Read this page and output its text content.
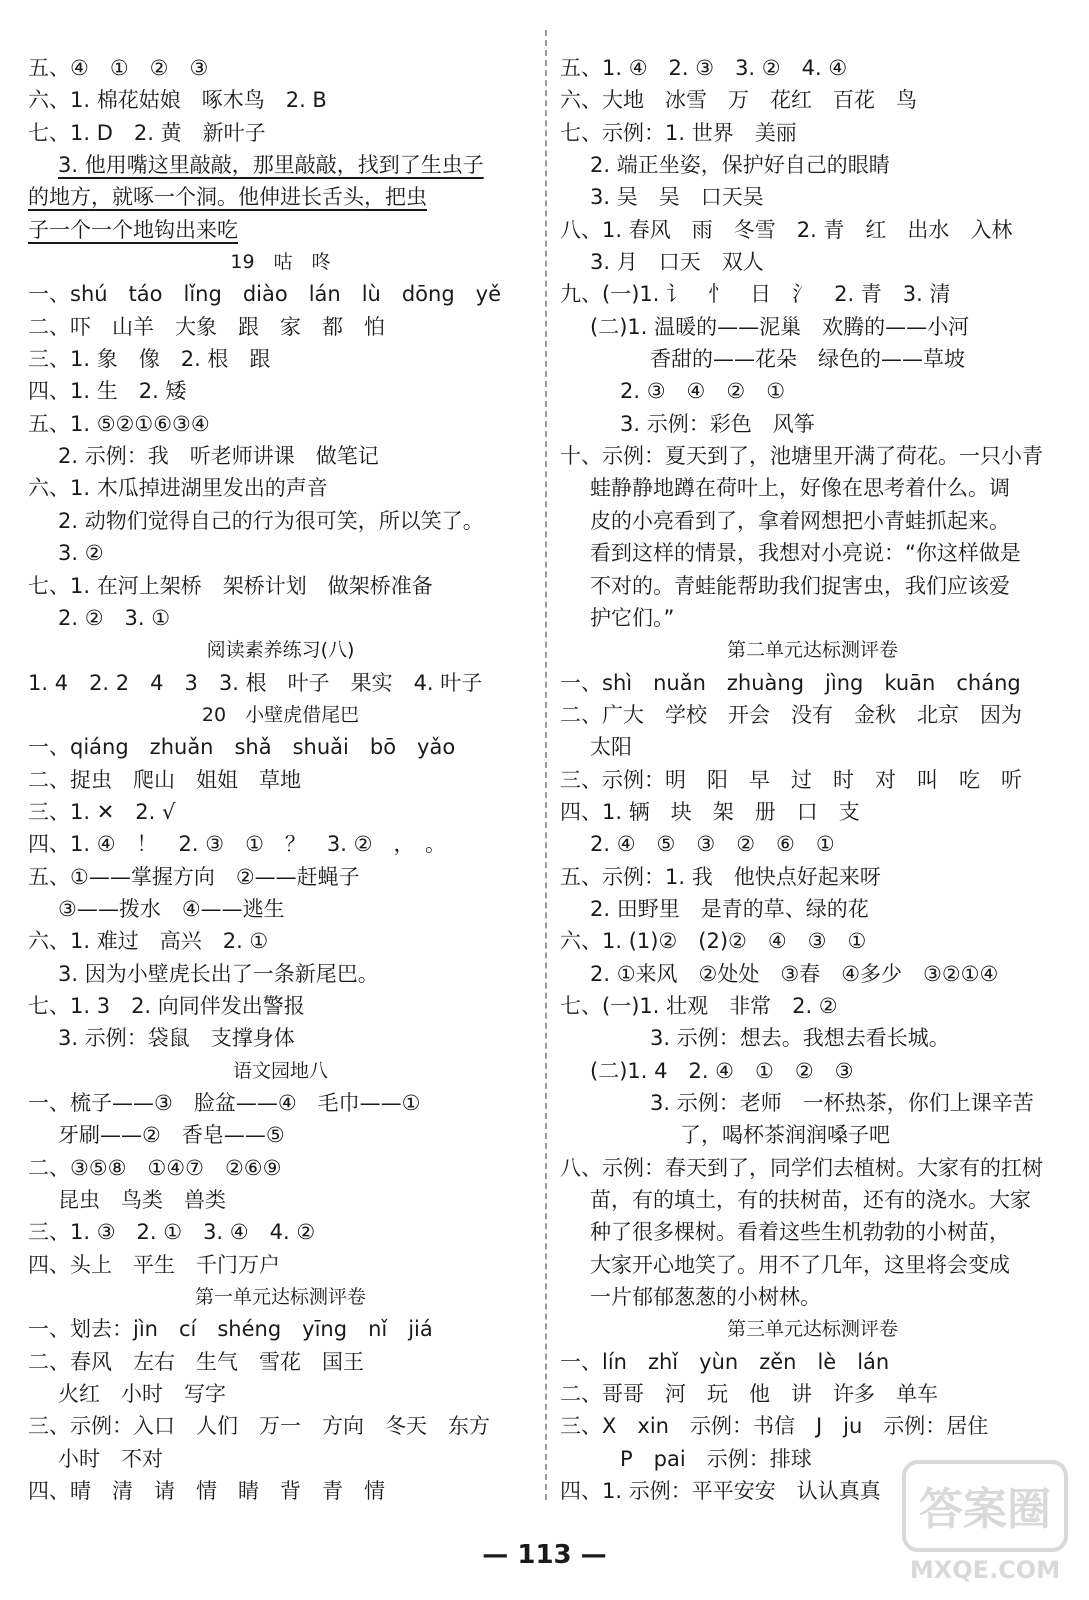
五、④　①　②　③
六、1. 棉花姑娘　啄木鸟　2. B
七、1. D　2. 黄　新叶子
3. 他用嘴这里敲敲，那里敲敲，找到了生虫子
的地方，就啄一个洞。他伸进长舌头，把虫
子一个一个地钩出来吃
19　咕　咚
一、shú　táo　lǐng　diào　lán　lù　dōng　yě
二、吓　山羊　大象　跟　家　都　怕
三、1. 象　像　2. 根　跟
四、1. 生　2. 矮
五、1. ⑤②①⑥③④
2. 示例：我　听老师讲课　做笔记
六、1. 木瓜掉进湖里发出的声音
2. 动物们觉得自己的行为很可笑，所以笑了。
3. ②
七、1. 在河上架桥　架桥计划　做架桥准备
2. ②　3. ①
阅读素养练习(八)
1. 4　2. 2　4　3　3. 根　叶子　果实　4. 叶子
20　小壁虎借尾巴
一、qiáng　zhuǎn　shǎ　shuǎi　bō　yǎo
二、捉虫　爬山　姐姐　草地
三、1. ✕　2. √
四、1. ④　！　2. ③　①　？　3. ②　，　。
五、①——掌握方向　②——赶蝇子
③——拨水　④——逃生
六、1. 难过　高兴　2. ①
3. 因为小壁虎长出了一条新尾巴。
七、1. 3　2. 向同伴发出警报
3. 示例：袋鼠　支撑身体
语文园地八
一、梳子——③　脸盆——④　毛巾——①
牙刷——②　香皂——⑤
二、③⑤⑧　①④⑦　②⑥⑨
昆虫　鸟类　兽类
三、1. ③　2. ①　3. ④　4. ②
四、头上　平生　千门万户
第一单元达标测评卷
一、划去：jìn　cí　shéng　yīng　nǐ　jiá
二、春风　左右　生气　雪花　国王
火红　小时　写字
三、示例：入口　人们　万一　方向　冬天　东方
小时　不对
四、晴　清　请　情　睛　背　青　情
五、1. ④　2. ③　3. ②　4. ④
六、大地　冰雪　万　花红　百花　鸟
七、示例：1. 世界　美丽
2. 端正坐姿，保护好自己的眼睛
3. 吴　吴　口天吴
八、1. 春风　雨　冬雪　2. 青　红　出水　入林
3. 月　口天　双人
九、(一)1. 讠　忄　日　氵　2. 青　3. 清
(二)1. 温暖的——泥巢　欢腾的——小河
香甜的——花朵　绿色的——草坡
2. ③　④　②　①
3. 示例：彩色　风筝
十、示例：夏天到了，池塘里开满了荷花。一只小青
蛙静静地蹲在荷叶上，好像在思考着什么。调
皮的小亮看到了，拿着网想把小青蛙抓起来。
看到这样的情景，我想对小亮说：“你这样做是
不对的。青蛙能帮助我们捉害虫，我们应该爱
护它们。”
第二单元达标测评卷
一、shì　nuǎn　zhuàng　jìng　kuān　cháng
二、广大　学校　开会　没有　金秋　北京　因为
太阳
三、示例：明　阳　早　过　时　对　叫　吃　听
四、1. 辆　块　架　册　口　支
2. ④　⑤　③　②　⑥　①
五、示例：1. 我　他快点好起来呀
2. 田野里　是青的草、绿的花
六、1. (1)②　(2)②　④　③　①
2. ①来风　②处处　③春　④多少　③②①④
七、(一)1. 壮观　非常　2. ②
3. 示例：想去。我想去看长城。
(二)1. 4　2. ④　①　②　③
3. 示例：老师　一杯热茶，你们上课辛苦
了，喝杯茶润润嗓子吧
八、示例：春天到了，同学们去植树。大家有的扛树
苗，有的填土，有的扶树苗，还有的浇水。大家
种了很多棵树。看着这些生机勃勃的小树苗，
大家开心地笑了。用不了几年，这里将会变成
一片郁郁葱葱的小树林。
第三单元达标测评卷
一、lín　zhǐ　yùn　zěn　lè　lán
二、哥哥　河　玩　他　讲　许多　单车
三、X　xin　示例：书信　J　ju　示例：居住
P　pai　示例：排球
四、1. 示例：平平安安　认认真真
— 113 —
答案圈
MXQE.COM
